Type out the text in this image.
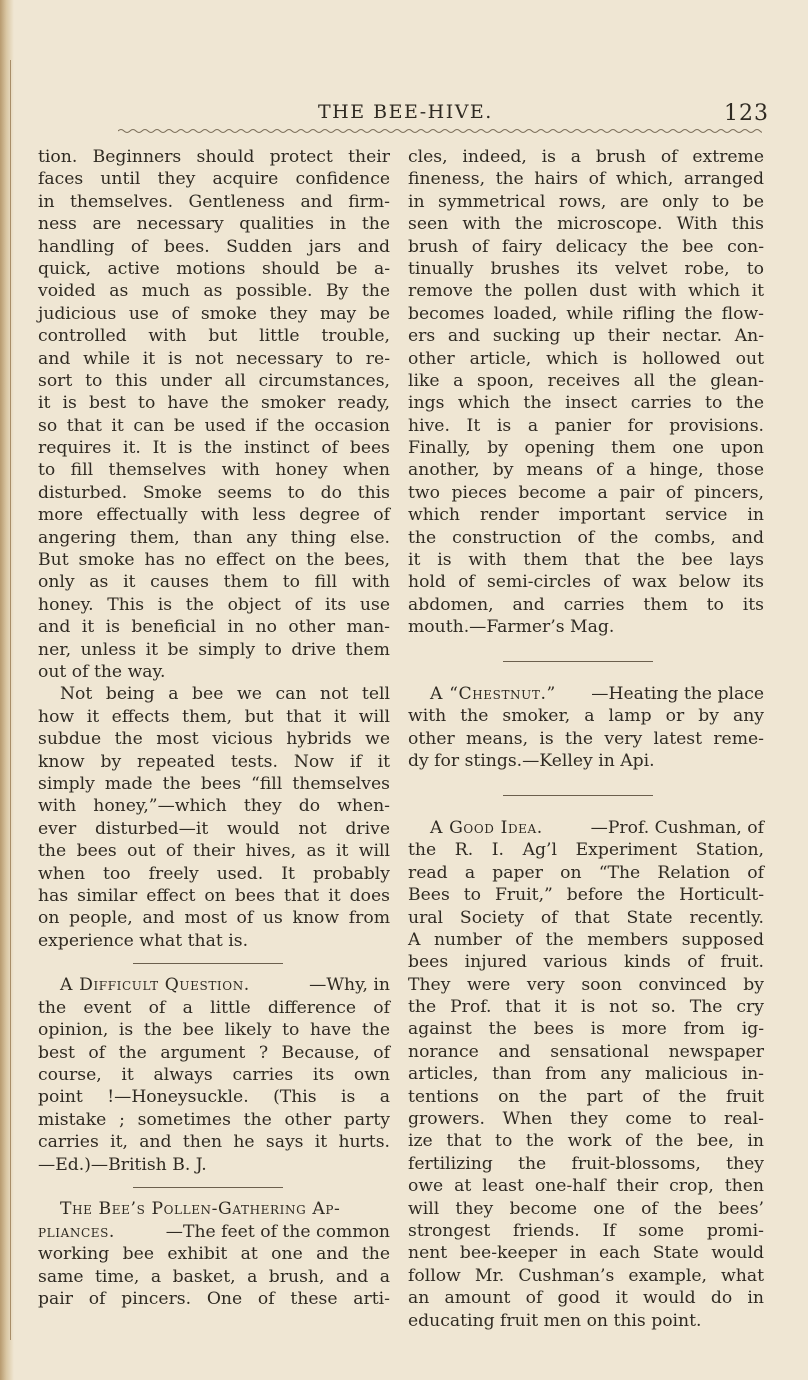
THE BEE-HIVE.	123
tion. Beginners should protect their
faces until they acquire confidence
in themselves. Gentleness and firm-
ness are necessary qualities in the
handling of bees. Sudden jars and
quick, active motions should be a-
voided as much as possible. By the
judicious use of smoke they may be
controlled with but little trouble,
and while it is not necessary to re-
sort to this under all circumstances,
it is best to have the smoker ready,
so that it can be used if the occasion
requires it. It is the instinct of bees
to fill themselves with honey when
disturbed. Smoke seems to do this
more effectually with less degree of
angering them, than any thing else.
But smoke has no effect on the bees,
only as it causes them to fill with
honey. This is the object of its use
and it is beneficial in no other man-
ner, unless it be simply to drive them
out of the way.
Not being a bee we can not tell
how it effects them, but that it will
subdue the most vicious hybrids we
know by repeated tests. Now if it
simply made the bees “fill themselves
with honey,”—which they do when-
ever disturbed—it would not drive
the bees out of their hives, as it will
when too freely used. It probably
has similar effect on bees that it does
on people, and most of us know from
experience what that is.
A Difficult Question.	—Why, in
the event of a little difference of
opinion, is the bee likely to have the
best of the argument ? Because, of
course, it always carries its own
point !—Honeysuckle. (This is a
mistake ; sometimes the other party
carries it, and then he says it hurts.
—Ed.)—British B. J.
The Bee’s Pollen-Gathering Ap-
pliances.	—The feet of the common
working bee exhibit at one and the
same time, a basket, a brush, and a
pair of pincers. One of these arti-
cles, indeed, is a brush of extreme
fineness, the hairs of which, arranged
in symmetrical rows, are only to be
seen with the microscope. With this
brush of fairy delicacy the bee con-
tinually brushes its velvet robe, to
remove the pollen dust with which it
becomes loaded, while rifling the flow-
ers and sucking up their nectar. An-
other article, which is hollowed out
like a spoon, receives all the glean-
ings which the insect carries to the
hive. It is a panier for provisions.
Finally, by opening them one upon
another, by means of a hinge, those
two pieces become a pair of pincers,
which render important service in
the construction of the combs, and
it is with them that the bee lays
hold of semi-circles of wax below its
abdomen, and carries them to its
mouth.—Farmer’s Mag.
A “Chestnut.” —Heating the place
with the smoker, a lamp or by any
other means, is the very latest reme-
dy for stings.—Kelley in Api.
A Good Idea.	—Prof. Cushman, of
the R. I. Ag’l Experiment Station,
read a paper on “The Relation of
Bees to Fruit,” before the Horticult-
ural Society of that State recently.
A number of the members supposed
bees injured various kinds of fruit.
They were very soon convinced by
the Prof. that it is not so. The cry
against the bees is more from ig-
norance and sensational newspaper
articles, than from any malicious in-
tentions on the part of the fruit
growers. When they come to real-
ize that to the work of the bee, in
fertilizing the fruit-blossoms, they
owe at least one-half their crop, then
will they become one of the bees’
strongest friends. If some promi-
nent bee-keeper in each State would
follow Mr. Cushman’s example, what
an amount of good it would do in
educating fruit men on this point.
